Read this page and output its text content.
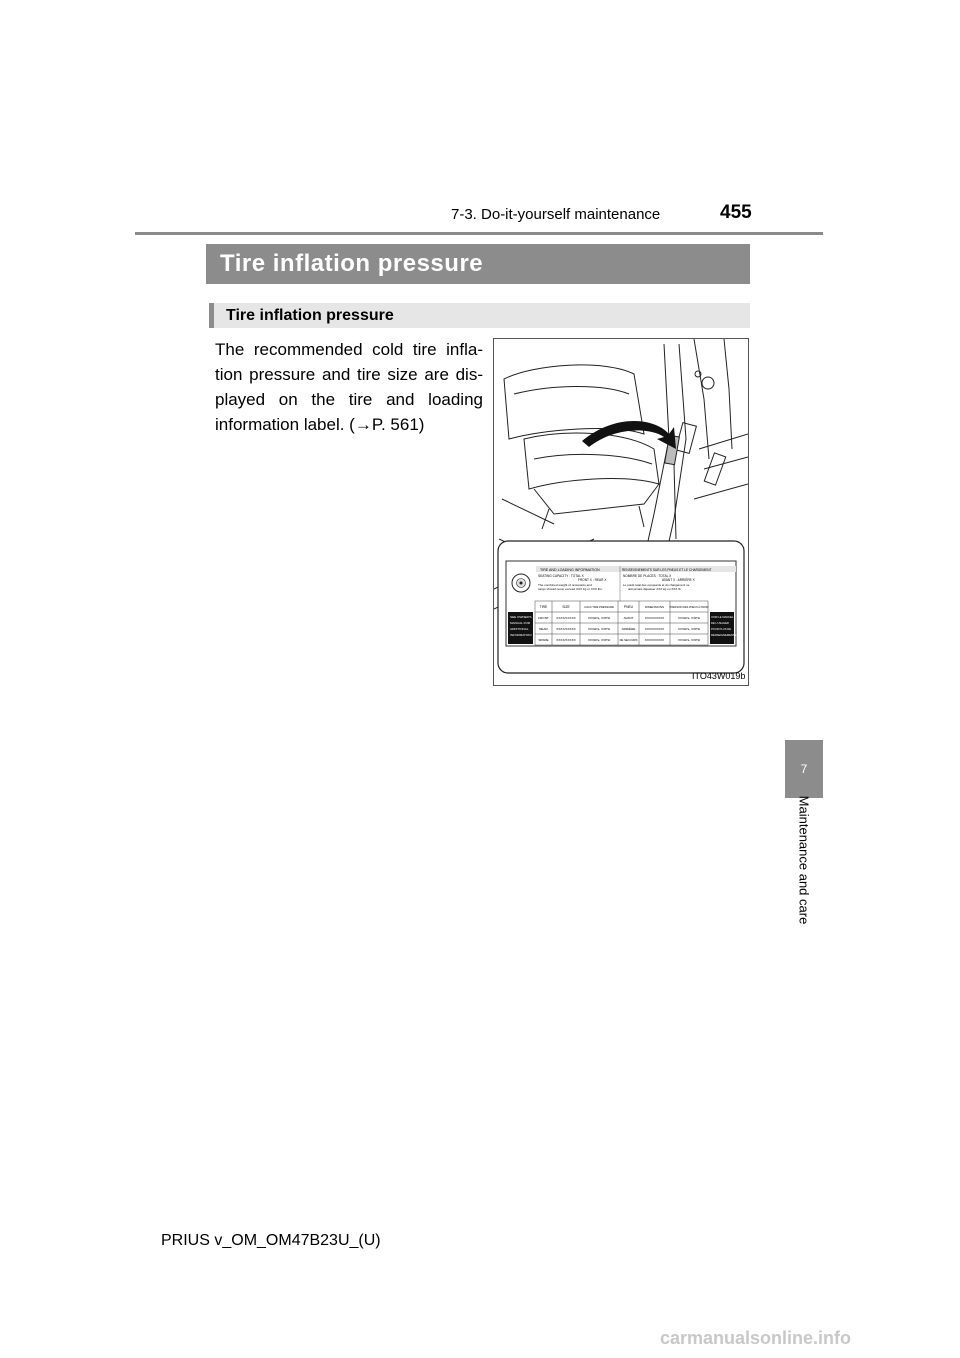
7-3. Do-it-yourself maintenance	455
Tire inflation pressure
Tire inflation pressure
The recommended cold tire infla-tion pressure and tire size are dis-played on the tire and loading information label. (→P. 561)
TIRE AND LOADING INFORMATION	RENSEIGNEMENTS SUR LES PNEUS ET LE CHARGEMENT
SEATING CAPACITY : TOTAL X
FRONT X : REAR X
The combined weight of occupants and
cargo should never exceed XXX kg or XXX lbs.
NOMBRE DE PLACES : TOTAL X
AVANT X : ARRIÈRE X
Le poids total des occupants et du chargement ne
doit jamais dépasser XXX kg ou XXX lb.
SEE OWNER'S
MANUAL FOR
ADDITIONAL
INFORMATION
VOIR LE MANUEL
DE L'USAGER
POUR PLUS DE
RENSEIGNEMENTS
TIRE	SIZE	COLD TIRE PRESSURE	PNEU	DIMENSIONS PRESSION DES PNEUS À FROID
FRONT XXXX/XXXXX	XXXkPa, XXPSI	AVANT	XXXX/XXXXX	XXXkPa, XXPSI
REAR	XXXX/XXXXX	XXXkPa, XXPSI	ARRIÈRE	XXXX/XXXXX	XXXkPa, XXPSI
SPARE XXXX/XXXXX	XXXkPa, XXPSI	DE SECOURS XXXX/XXXXX	XXXkPa, XXPSI
ITO43W019b
7
Maintenance and care
PRIUS v_OM_OM47B23U_(U)
carmanualsonline.info
